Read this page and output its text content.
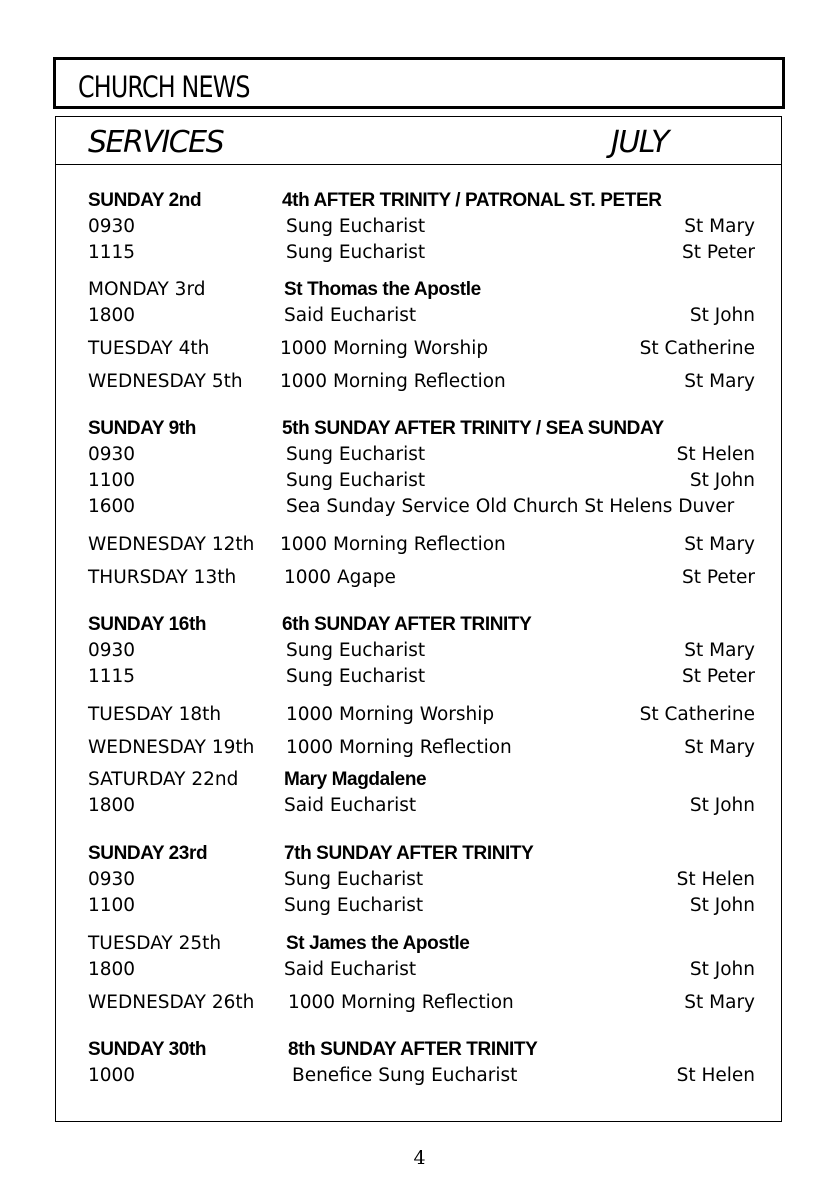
CHURCH NEWS
SERVICES	JULY
SUNDAY 2nd	4th AFTER TRINITY / PATRONAL ST. PETER
0930	Sung Eucharist	St Mary
1115	Sung Eucharist	St Peter
MONDAY 3rd	St Thomas the Apostle
1800	Said Eucharist	St John
TUESDAY 4th	1000 Morning Worship	St Catherine
WEDNESDAY 5th 1000 Morning Reflection	St Mary
SUNDAY 9th	5th SUNDAY AFTER TRINITY / SEA SUNDAY
0930	Sung Eucharist	St Helen
1100	Sung Eucharist	St John
1600	Sea Sunday Service Old Church St Helens Duver
WEDNESDAY 12th 1000 Morning Reflection	St Mary
THURSDAY 13th	1000 Agape	St Peter
SUNDAY 16th	6th SUNDAY AFTER TRINITY
0930	Sung Eucharist	St Mary
1115	Sung Eucharist	St Peter
TUESDAY 18th	1000 Morning Worship	St Catherine
WEDNESDAY 19th 1000 Morning Reflection	St Mary
SATURDAY 22nd Mary Magdalene
1800	Said Eucharist	St John
SUNDAY 23rd	7th SUNDAY AFTER TRINITY
0930	Sung Eucharist	St Helen
1100	Sung Eucharist	St John
TUESDAY 25th	St James the Apostle
1800	Said Eucharist	St John
WEDNESDAY 26th 1000 Morning Reflection	St Mary
SUNDAY 30th	8th SUNDAY AFTER TRINITY
1000	Benefice Sung Eucharist	St Helen
4
